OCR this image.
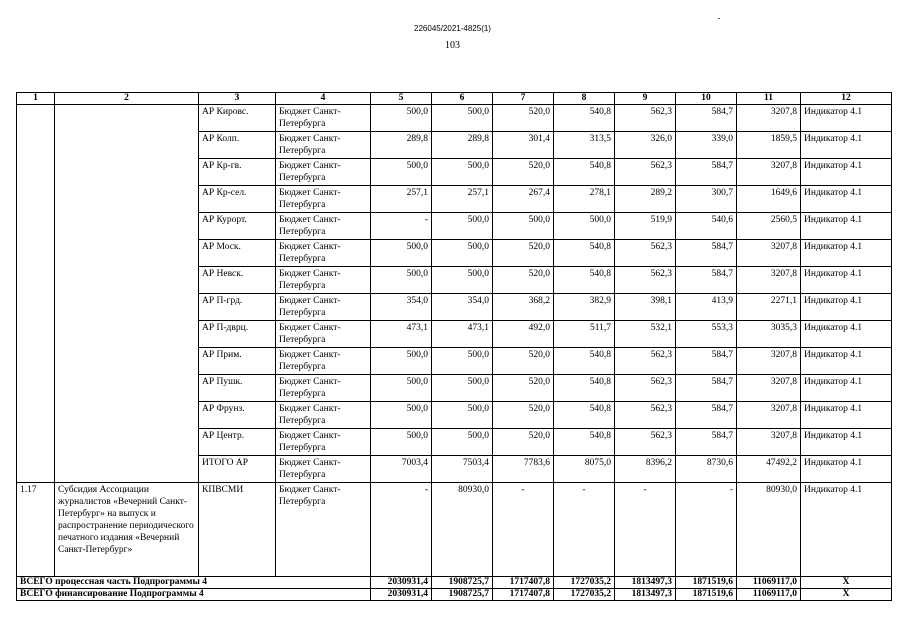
226045/2021-4825(1)
103
1	2	3	4	5	6	7	8	9	10	11	12
		АР Кировс.	Бюджет Санкт-Петербурга	500,0	500,0	520,0	540,8	562,3	584,7	3207,8	Индикатор 4.1
		АР Колп.	Бюджет Санкт-Петербурга	289,8	289,8	301,4	313,5	326,0	339,0	1859,5	Индикатор 4.1
		АР Кр-гв.	Бюджет Санкт-Петербурга	500,0	500,0	520,0	540,8	562,3	584,7	3207,8	Индикатор 4.1
		АР Кр-сел.	Бюджет Санкт-Петербурга	257,1	257,1	267,4	278,1	289,2	300,7	1649,6	Индикатор 4.1
		АР Курорт.	Бюджет Санкт-Петербурга	-	500,0	500,0	500,0	519,9	540,6	2560,5	Индикатор 4.1
		АР Моск.	Бюджет Санкт-Петербурга	500,0	500,0	520,0	540,8	562,3	584,7	3207,8	Индикатор 4.1
		АР Невск.	Бюджет Санкт-Петербурга	500,0	500,0	520,0	540,8	562,3	584,7	3207,8	Индикатор 4.1
		АР П-грд.	Бюджет Санкт-Петербурга	354,0	354,0	368,2	382,9	398,1	413,9	2271,1	Индикатор 4.1
		АР П-дврц.	Бюджет Санкт-Петербурга	473,1	473,1	492,0	511,7	532,1	553,3	3035,3	Индикатор 4.1
		АР Прим.	Бюджет Санкт-Петербурга	500,0	500,0	520,0	540,8	562,3	584,7	3207,8	Индикатор 4.1
		АР Пушк.	Бюджет Санкт-Петербурга	500,0	500,0	520,0	540,8	562,3	584,7	3207,8	Индикатор 4.1
		АР Фрунз.	Бюджет Санкт-Петербурга	500,0	500,0	520,0	540,8	562,3	584,7	3207,8	Индикатор 4.1
		АР Центр.	Бюджет Санкт-Петербурга	500,0	500,0	520,0	540,8	562,3	584,7	3207,8	Индикатор 4.1
		ИТОГО АР	Бюджет Санкт-Петербурга	7003,4	7503,4	7783,6	8075,0	8396,2	8730,6	47492,2	Индикатор 4.1
1.17	Субсидия Ассоциации журналистов «Вечерний Санкт-Петербург» на выпуск и распространение периодического печатного издания «Вечерний Санкт-Петербург»	КПВСМИ	Бюджет Санкт-Петербурга	-	80930,0	-	-	-	-	80930,0	Индикатор 4.1
ВСЕГО процессная часть Подпрограммы 4				2030931,4	1908725,7	1717407,8	1727035,2	1813497,3	1871519,6	11069117,0	X
ВСЕГО финансирование Подпрограммы 4				2030931,4	1908725,7	1717407,8	1727035,2	1813497,3	1871519,6	11069117,0	X
